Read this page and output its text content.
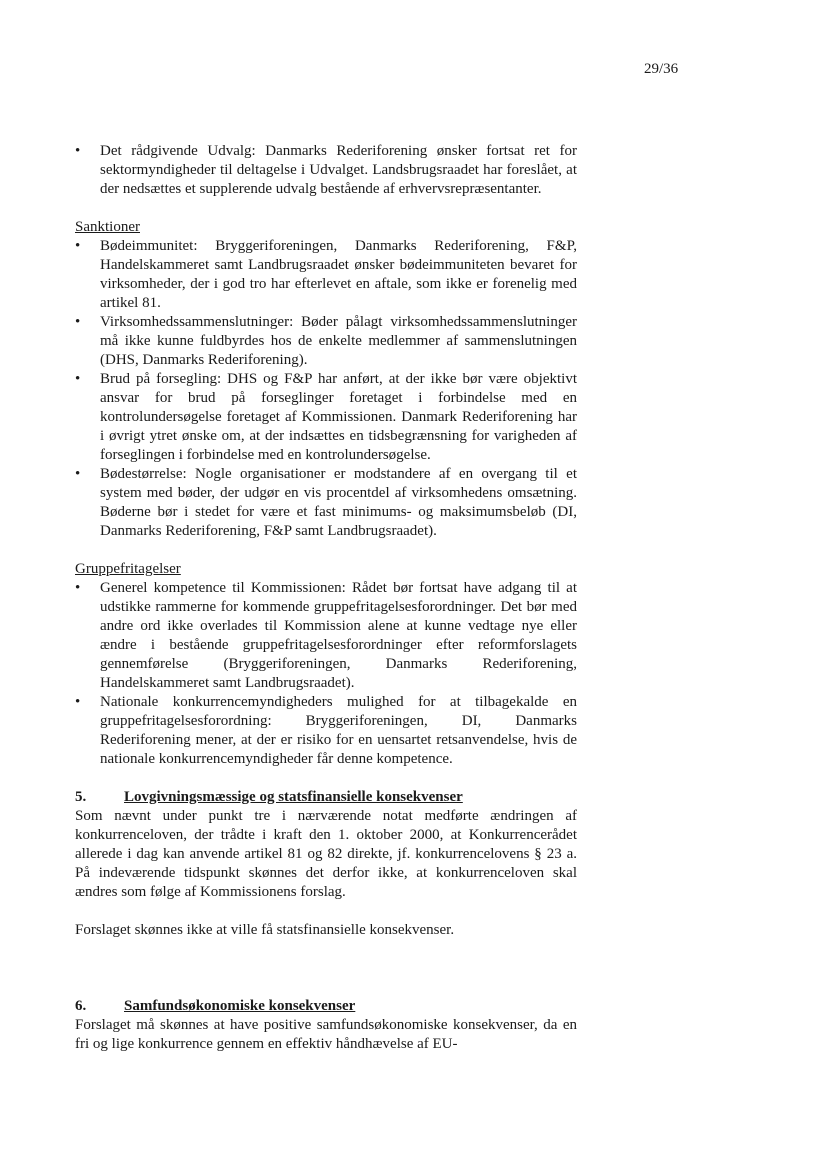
29/36
• Det rådgivende Udvalg: Danmarks Rederiforening ønsker fortsat ret for sektormyndigheder til deltagelse i Udvalget. Landsbrugsraadet har foreslået, at der nedsættes et supplerende udvalg bestående af erhvervsrepræsentanter.
Sanktioner
• Bødeimmunitet: Bryggeriforeningen, Danmarks Rederiforening, F&P, Handelskammeret samt Landbrugsraadet ønsker bødeimmuniteten bevaret for virksomheder, der i god tro har efterlevet en aftale, som ikke er forenelig med artikel 81.
• Virksomhedssammenslutninger: Bøder pålagt virksomhedssammenslutninger må ikke kunne fuldbyrdes hos de enkelte medlemmer af sammenslutningen (DHS, Danmarks Rederiforening).
• Brud på forsegling: DHS og F&P har anført, at der ikke bør være objektivt ansvar for brud på forseglinger foretaget i forbindelse med en kontrolundersøgelse foretaget af Kommissionen. Danmark Rederiforening har i øvrigt ytret ønske om, at der indsættes en tidsbegrænsning for varigheden af forseglingen i forbindelse med en kontrolundersøgelse.
• Bødestørrelse: Nogle organisationer er modstandere af en overgang til et system med bøder, der udgør en vis procentdel af virksomhedens omsætning. Bøderne bør i stedet for være et fast minimums- og maksimumsbeløb (DI, Danmarks Rederiforening, F&P samt Landbrugsraadet).
Gruppefritagelser
• Generel kompetence til Kommissionen: Rådet bør fortsat have adgang til at udstikke rammerne for kommende gruppefritagelsesforordninger. Det bør med andre ord ikke overlades til Kommission alene at kunne vedtage nye eller ændre i bestående gruppefritagelsesforordninger efter reformforslagets gennemførelse (Bryggeriforeningen, Danmarks Rederiforening, Handelskammeret samt Landbrugsraadet).
• Nationale konkurrencemyndigheders mulighed for at tilbagekalde en gruppefritagelsesforordning: Bryggeriforeningen, DI, Danmarks Rederiforening mener, at der er risiko for en uensartet retsanvendelse, hvis de nationale konkurrencemyndigheder får denne kompetence.
5.	Lovgivningsmæssige og statsfinansielle konsekvenser
Som nævnt under punkt tre i nærværende notat medførte ændringen af konkurrenceloven, der trådte i kraft den 1. oktober 2000, at Konkurrencerådet allerede i dag kan anvende artikel 81 og 82 direkte, jf. konkurrencelovens § 23 a. På indeværende tidspunkt skønnes det derfor ikke, at konkurrenceloven skal ændres som følge af Kommissionens forslag.
Forslaget skønnes ikke at ville få statsfinansielle konsekvenser.
6.	Samfundsøkonomiske konsekvenser
Forslaget må skønnes at have positive samfundsøkonomiske konsekvenser, da en fri og lige konkurrence gennem en effektiv håndhævelse af EU-
